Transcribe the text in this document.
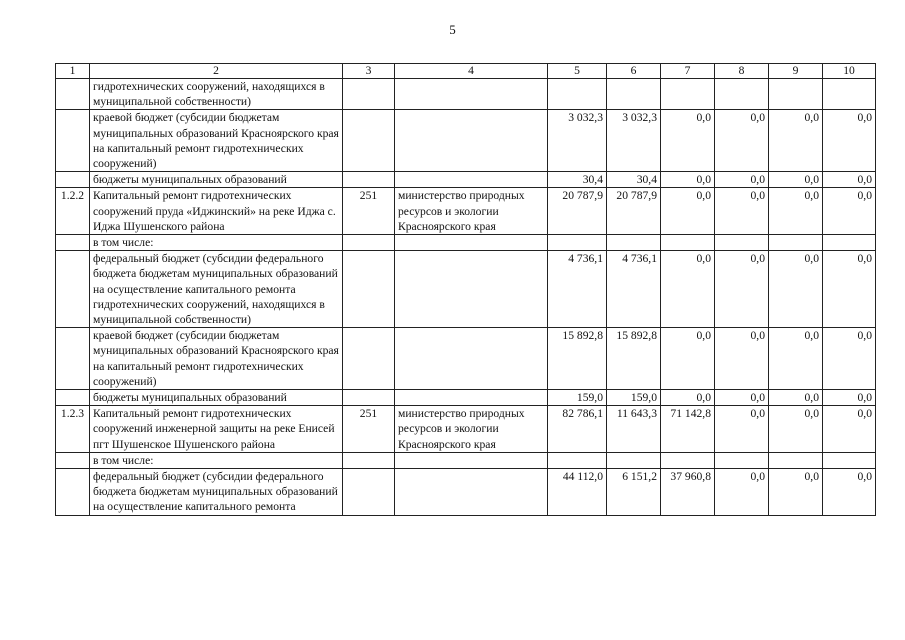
5
1	2	3	4	5	6	7	8	9	10
	гидротехнических сооружений, находящихся в муниципальной собственности)								
	краевой бюджет (субсидии бюджетам муниципальных образований Красноярского края на капитальный ремонт гидротехнических сооружений)			3 032,3	3 032,3	0,0	0,0	0,0	0,0
	бюджеты муниципальных образований			30,4	30,4	0,0	0,0	0,0	0,0
1.2.2	Капитальный ремонт гидротехнических сооружений пруда «Иджинский» на реке Иджа с. Иджа Шушенского района	251	министерство природных ресурсов и экологии Красноярского края	20 787,9	20 787,9	0,0	0,0	0,0	0,0
	в том числе:								
	федеральный бюджет (субсидии федерального бюджета бюджетам муниципальных образований на осуществление капитального ремонта гидротехнических сооружений, находящихся в муниципальной собственности)			4 736,1	4 736,1	0,0	0,0	0,0	0,0
	краевой бюджет (субсидии бюджетам муниципальных образований Красноярского края на капитальный ремонт гидротехнических сооружений)			15 892,8	15 892,8	0,0	0,0	0,0	0,0
	бюджеты муниципальных образований			159,0	159,0	0,0	0,0	0,0	0,0
1.2.3	Капитальный ремонт гидротехнических сооружений инженерной защиты на реке Енисей пгт Шушенское Шушенского района	251	министерство природных ресурсов и экологии Красноярского края	82 786,1	11 643,3	71 142,8	0,0	0,0	0,0
	в том числе:								
	федеральный бюджет (субсидии федерального бюджета бюджетам муниципальных образований на осуществление капитального ремонта			44 112,0	6 151,2	37 960,8	0,0	0,0	0,0
